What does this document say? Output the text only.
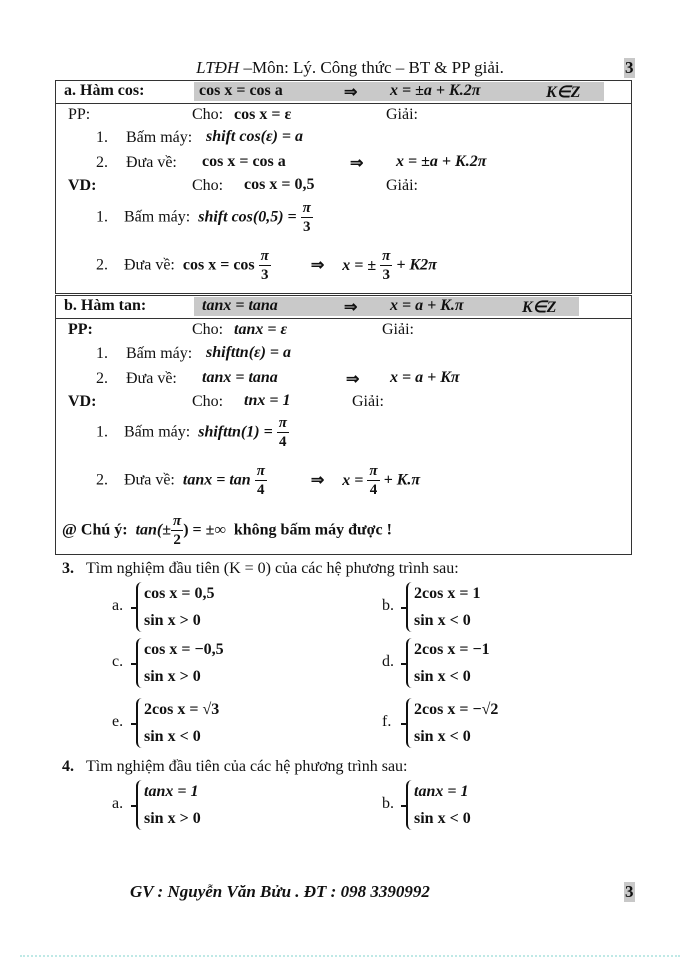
LTĐH –Môn: Lý. Công thức – BT & PP giải.	3
a. Hàm cos:	cos x = cos a	⇒ x = ±a + K.2π	K∈Z
PP:	Cho: cos x = ε	Giải:
1. Bấm máy: shift cos(ε) = a
2. Đưa về: cos x = cos a	⇒ x = ±a + K.2π
VD:	Cho: cos x = 0,5	Giải:
1. Bấm máy: shift $\cos(0,5) = \frac{\pi}{3}$
2. Đưa về: $\cos x = \cos \frac{\pi}{3}$	⇒ x = ± $\frac{\pi}{3} + K2\pi$
b. Hàm tan:	tanx = tana	⇒ x = a + K.π	K∈Z
PP:	Cho: tanx = ε	Giải:
1. Bấm máy: shifttn(ε) = a
2. Đưa về: tanx = tana	⇒ x = a + Kπ
VD:	Cho: tnx = 1	Giải:
1. Bấm máy: shifttn(1) = $\frac{\pi}{4}$
2. Đưa về: $\tan x = \tan \frac{\pi}{4}$	⇒ $x = \frac{\pi}{4} + K.\pi$
@ Chú ý: $\tan(\pm \frac{\pi}{2}$ ) = ±∞ không bấm máy được !
3. Tìm nghiệm đầu tiên (K = 0) của các hệ phương trình sau:
a.
cos x = 0,5
sin x > 0
b.
2cos x = 1
sin x < 0
c.
cos x = −0,5
sin x > 0
d.
2cos x = −1
sin x < 0
e.
2cos x = √3
sin x < 0
f.
2cos x = −√2
sin x < 0
4. Tìm nghiệm đầu tiên của các hệ phương trình sau:
a.
tanx = 1
sin x > 0
b.
tanx = 1
sin x < 0
GV : Nguyễn Văn Bửu . ĐT : 098 3390992	3
